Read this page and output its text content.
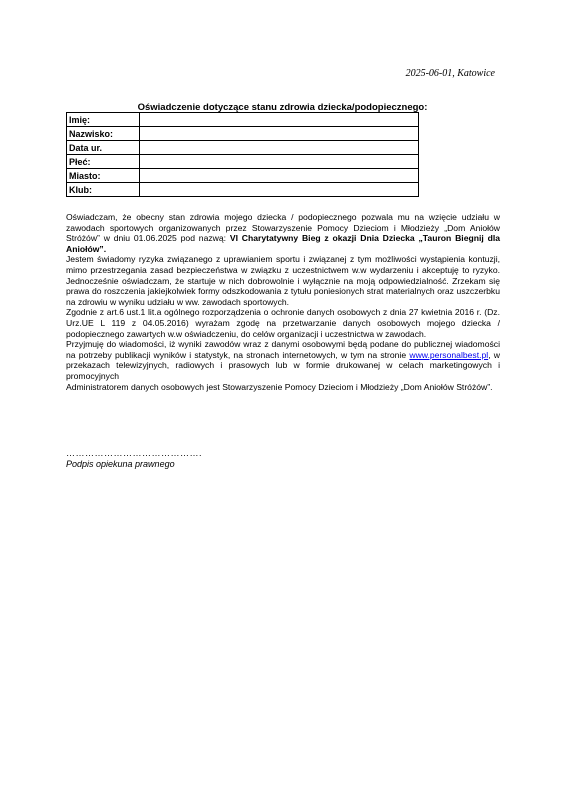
2025-06-01, Katowice
Oświadczenie dotyczące stanu zdrowia dziecka/podopiecznego:
Imię:	
Nazwisko:	
Data ur.	
Płeć:	
Miasto:	
Klub:	

Oświadczam, że obecny stan zdrowia mojego dziecka / podopiecznego pozwala mu na wzięcie udziału w zawodach sportowych organizowanych przez Stowarzyszenie Pomocy Dzieciom i Młodzieży „Dom Aniołów Stróżów” w dniu 01.06.2025 pod nazwą: VI Charytatywny Bieg z okazji Dnia Dziecka „Tauron Biegnij dla Aniołów”.

Jestem świadomy ryzyka związanego z uprawianiem sportu i związanej z tym możliwości wystąpienia kontuzji, mimo przestrzegania zasad bezpieczeństwa w związku z uczestnictwem w.w wydarzeniu i akceptuję to ryzyko. Jednocześnie oświadczam, że startuje w nich dobrowolnie i wyłącznie na moją odpowiedzialność. Zrzekam się prawa do roszczenia jakiejkolwiek formy odszkodowania z tytułu poniesionych strat materialnych oraz uszczerbku na zdrowiu w wyniku udziału w ww. zawodach sportowych.

Zgodnie z art.6 ust.1 lit.a ogólnego rozporządzenia o ochronie danych osobowych z dnia 27 kwietnia 2016 r. (Dz. Urz.UE L 119 z 04.05.2016) wyrażam zgodę na przetwarzanie danych osobowych mojego dziecka / podopiecznego zawartych w.w oświadczeniu, do celów organizacji i uczestnictwa w zawodach.

Przyjmuję do wiadomości, iż wyniki zawodów wraz z danymi osobowymi będą podane do publicznej wiadomości na potrzeby publikacji wyników i statystyk, na stronach internetowych, w tym na stronie www.personalbest.pl, w przekazach telewizyjnych, radiowych i prasowych lub w formie drukowanej w celach marketingowych i promocyjnych

Administratorem danych osobowych jest Stowarzyszenie Pomocy Dzieciom i Młodzieży „Dom Aniołów Stróżów”.

…………………………………….
Podpis opiekuna prawnego
